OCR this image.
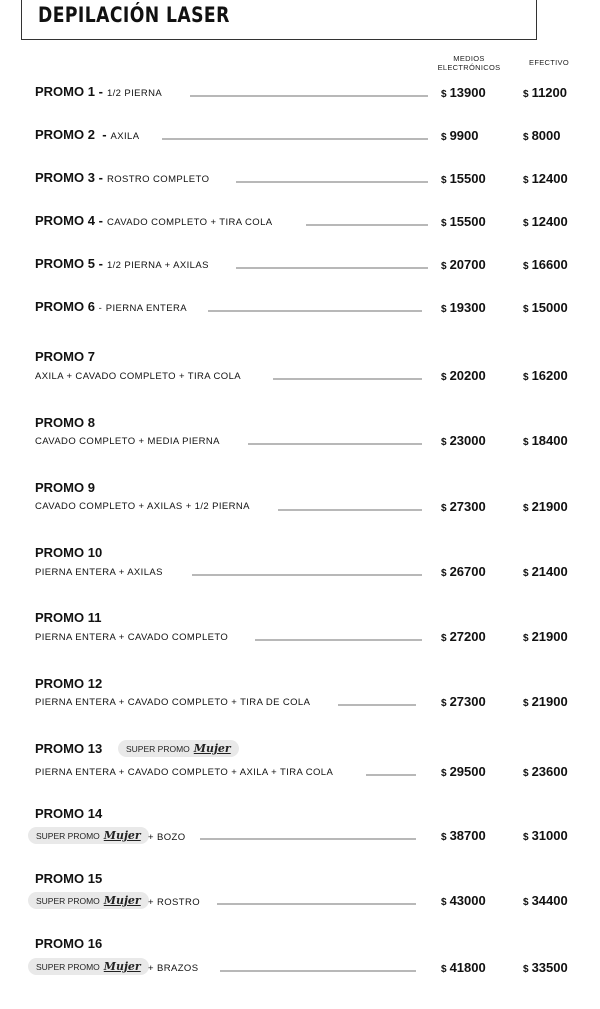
DEPILACIÓN LASER
MEDIOS
ELECTRÓNICOS
EFECTIVO
PROMO 1 - 1/2 PIERNA	$ 13900	$ 11200
PROMO 2  - AXILA	$ 9900	$ 8000
PROMO 3 - ROSTRO COMPLETO	$ 15500	$ 12400
PROMO 4 - CAVADO COMPLETO + TIRA COLA	$ 15500	$ 12400
PROMO 5 - 1/2 PIERNA + AXILAS	$ 20700	$ 16600
PROMO 6 - PIERNA ENTERA	$ 19300	$ 15000
PROMO 7
AXILA + CAVADO COMPLETO + TIRA COLA	$ 20200	$ 16200
PROMO 8
CAVADO COMPLETO + MEDIA PIERNA	$ 23000	$ 18400
PROMO 9
CAVADO COMPLETO + AXILAS + 1/2 PIERNA	$ 27300	$ 21900
PROMO 10
PIERNA ENTERA + AXILAS	$ 26700	$ 21400
PROMO 11
PIERNA ENTERA + CAVADO COMPLETO	$ 27200	$ 21900
PROMO 12
PIERNA ENTERA + CAVADO COMPLETO + TIRA DE COLA	$ 27300	$ 21900
PROMO 13	SUPER PROMO Mujer
PIERNA ENTERA + CAVADO COMPLETO + AXILA + TIRA COLA	$ 29500	$ 23600
PROMO 14
SUPER PROMO Mujer + BOZO	$ 38700	$ 31000
PROMO 15
SUPER PROMO Mujer + ROSTRO	$ 43000	$ 34400
PROMO 16
SUPER PROMO Mujer + BRAZOS	$ 41800	$ 33500
